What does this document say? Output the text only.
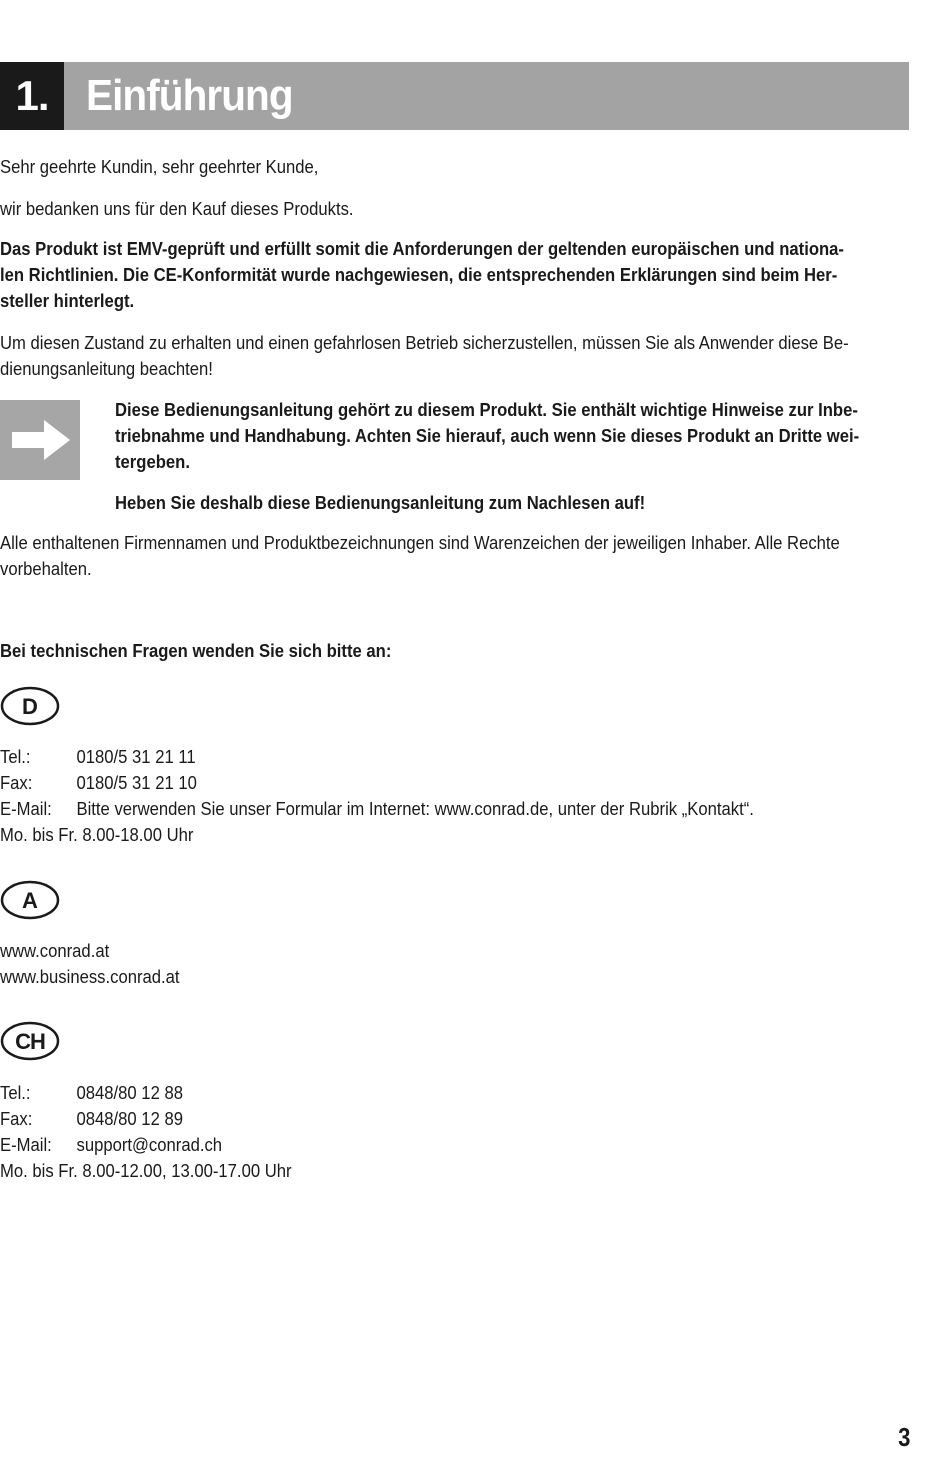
1. Einführung
Sehr geehrte Kundin, sehr geehrter Kunde,
wir bedanken uns für den Kauf dieses Produkts.
Das Produkt ist EMV-geprüft und erfüllt somit die Anforderungen der geltenden europäischen und nationa-
len Richtlinien. Die CE-Konformität wurde nachgewiesen, die entsprechenden Erklärungen sind beim Her-
steller hinterlegt.
Um diesen Zustand zu erhalten und einen gefahrlosen Betrieb sicherzustellen, müssen Sie als Anwender diese Be-
dienungsanleitung beachten!
Diese Bedienungsanleitung gehört zu diesem Produkt. Sie enthält wichtige Hinweise zur Inbe-
triebnahme und Handhabung. Achten Sie hierauf, auch wenn Sie dieses Produkt an Dritte wei-
tergeben.
Heben Sie deshalb diese Bedienungsanleitung zum Nachlesen auf!
Alle enthaltenen Firmennamen und Produktbezeichnungen sind Warenzeichen der jeweiligen Inhaber. Alle Rechte
vorbehalten.
Bei technischen Fragen wenden Sie sich bitte an:
D
Tel.: 0180/5 31 21 11
Fax: 0180/5 31 21 10
E-Mail: Bitte verwenden Sie unser Formular im Internet: www.conrad.de, unter der Rubrik „Kontakt“.
Mo. bis Fr. 8.00-18.00 Uhr
A
www.conrad.at
www.business.conrad.at
CH
Tel.: 0848/80 12 88
Fax: 0848/80 12 89
E-Mail: support@conrad.ch
Mo. bis Fr. 8.00-12.00, 13.00-17.00 Uhr
3
